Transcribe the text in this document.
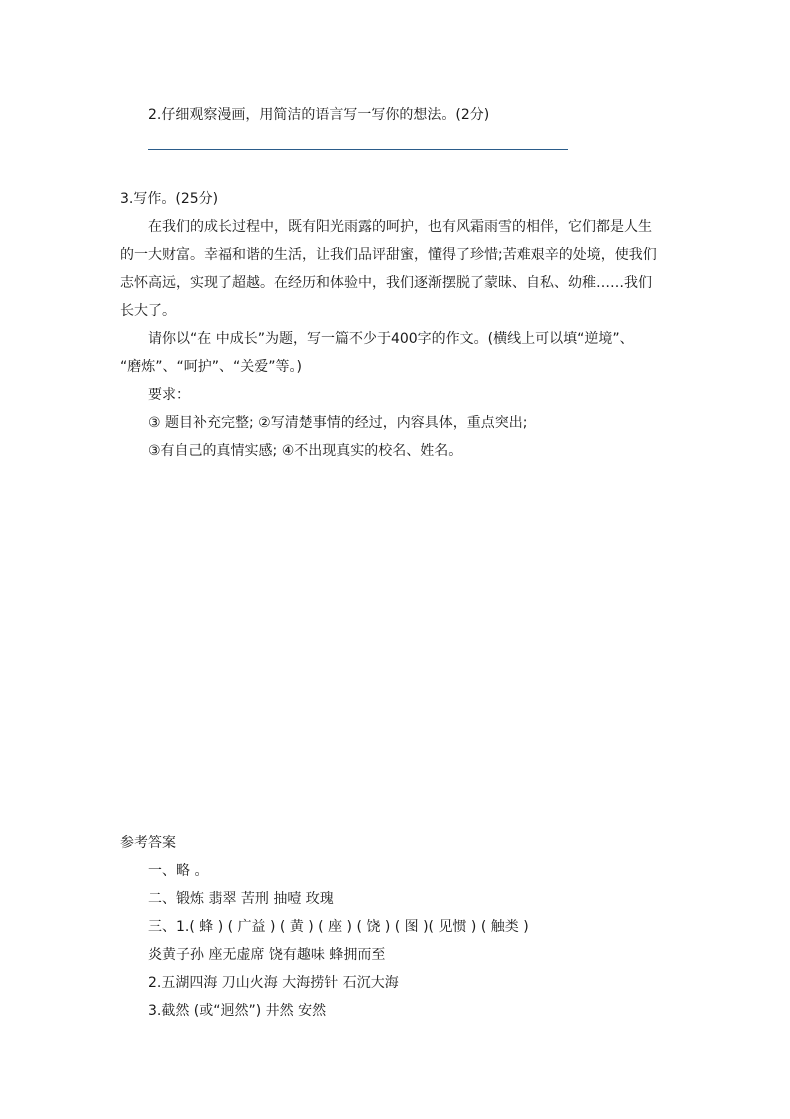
2.仔细观察漫画，用简洁的语言写一写你的想法。(2分)
3.写作。(25分)
在我们的成长过程中，既有阳光雨露的呵护，也有风霜雨雪的相伴，它们都是人生
的一大财富。幸福和谐的生活，让我们品评甜蜜，懂得了珍惜;苦难艰辛的处境，使我们
志怀高远，实现了超越。在经历和体验中，我们逐渐摆脱了蒙昧、自私、幼稚……我们
长大了。
请你以“在 中成长”为题，写一篇不少于400字的作文。(横线上可以填“逆境”、
“磨炼”、“呵护”、“关爱”等。)
要求：
③ 题目补充完整; ②写清楚事情的经过，内容具体，重点突出;
③有自己的真情实感; ④不出现真实的校名、姓名。
参考答案
一、略 。
二、锻炼 翡翠 苦刑 抽噎 玫瑰
三、1.( 蜂 ) ( 广益 ) ( 黄 ) ( 座 ) ( 饶 ) ( 图 )( 见惯 ) ( 触类 )
炎黄子孙 座无虚席 饶有趣味 蜂拥而至
2.五湖四海 刀山火海 大海捞针 石沉大海
3.截然 (或“迥然”) 井然 安然
